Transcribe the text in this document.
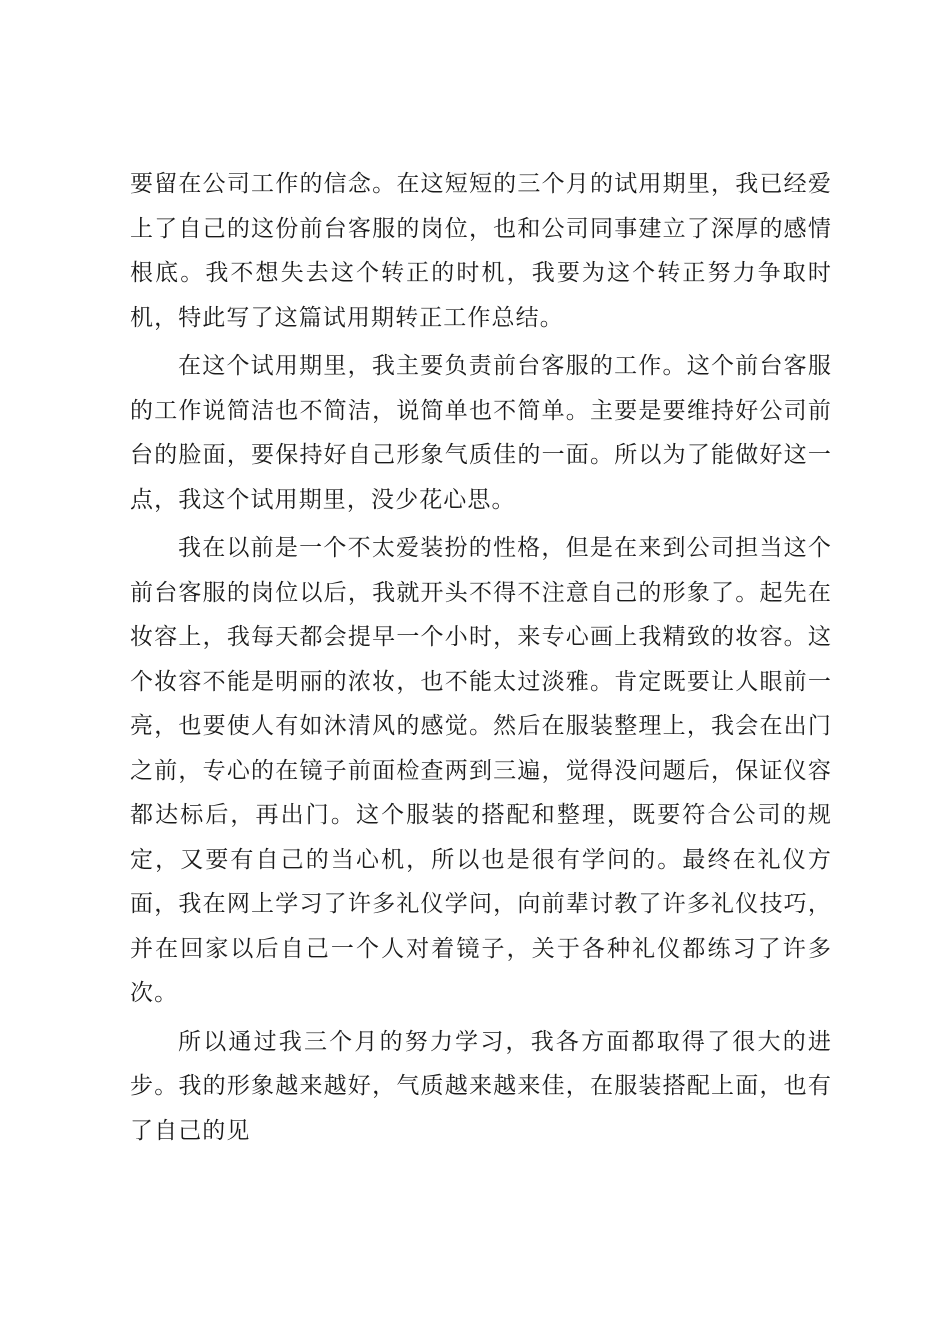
要留在公司工作的信念。在这短短的三个月的试用期里，我已经爱上了自己的这份前台客服的岗位，也和公司同事建立了深厚的感情根底。我不想失去这个转正的时机，我要为这个转正努力争取时机，特此写了这篇试用期转正工作总结。

在这个试用期里，我主要负责前台客服的工作。这个前台客服的工作说简洁也不简洁，说简单也不简单。主要是要维持好公司前台的脸面，要保持好自己形象气质佳的一面。所以为了能做好这一点，我这个试用期里，没少花心思。

我在以前是一个不太爱装扮的性格，但是在来到公司担当这个前台客服的岗位以后，我就开头不得不注意自己的形象了。起先在妆容上，我每天都会提早一个小时，来专心画上我精致的妆容。这个妆容不能是明丽的浓妆，也不能太过淡雅。肯定既要让人眼前一亮，也要使人有如沐清风的感觉。然后在服装整理上，我会在出门之前，专心的在镜子前面检查两到三遍，觉得没问题后，保证仪容都达标后，再出门。这个服装的搭配和整理，既要符合公司的规定，又要有自己的当心机，所以也是很有学问的。最终在礼仪方面，我在网上学习了许多礼仪学问，向前辈讨教了许多礼仪技巧，并在回家以后自己一个人对着镜子，关于各种礼仪都练习了许多次。

所以通过我三个月的努力学习，我各方面都取得了很大的进步。我的形象越来越好，气质越来越来佳，在服装搭配上面，也有了自己的见
